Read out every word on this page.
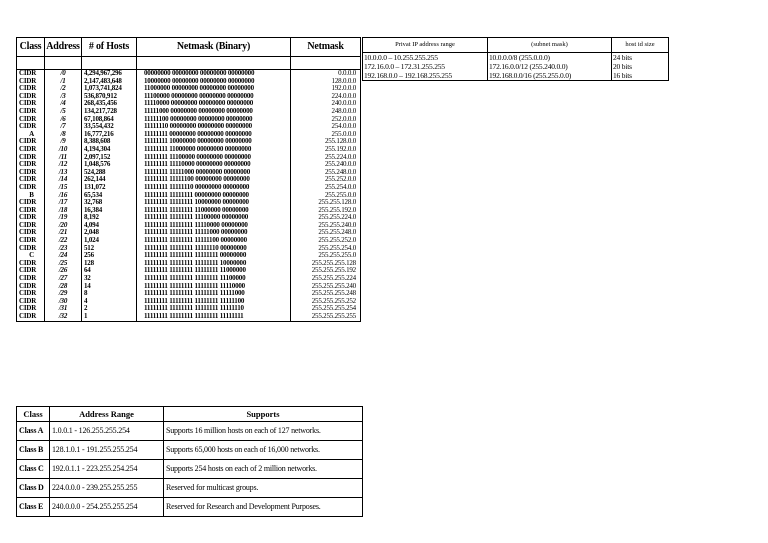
Class	Address	# of Hosts	Netmask (Binary)	Netmask

CIDR	/0	4,294,967,296	00000000 00000000 00000000 00000000	0.0.0.0
CIDR	/1	2,147,483,648	10000000 00000000 00000000 00000000	128.0.0.0
CIDR	/2	1,073,741,824	11000000 00000000 00000000 00000000	192.0.0.0
CIDR	/3	536,870,912	11100000 00000000 00000000 00000000	224.0.0.0
CIDR	/4	268,435,456	11110000 00000000 00000000 00000000	240.0.0.0
CIDR	/5	134,217,728	11111000 00000000 00000000 00000000	248.0.0.0
CIDR	/6	67,108,864	11111100 00000000 00000000 00000000	252.0.0.0
CIDR	/7	33,554,432	11111110 00000000 00000000 00000000	254.0.0.0
A	/8	16,777,216	11111111 00000000 00000000 00000000	255.0.0.0
CIDR	/9	8,388,608	11111111 10000000 00000000 00000000	255.128.0.0
CIDR	/10	4,194,304	11111111 11000000 00000000 00000000	255.192.0.0
CIDR	/11	2,097,152	11111111 11100000 00000000 00000000	255.224.0.0
CIDR	/12	1,048,576	11111111 11110000 00000000 00000000	255.240.0.0
CIDR	/13	524,288	11111111 11111000 00000000 00000000	255.248.0.0
CIDR	/14	262,144	11111111 11111100 00000000 00000000	255.252.0.0
CIDR	/15	131,072	11111111 11111110 00000000 00000000	255.254.0.0
B	/16	65,534	11111111 11111111 00000000 00000000	255.255.0.0
CIDR	/17	32,768	11111111 11111111 10000000 00000000	255.255.128.0
CIDR	/18	16,384	11111111 11111111 11000000 00000000	255.255.192.0
CIDR	/19	8,192	11111111 11111111 11100000 00000000	255.255.224.0
CIDR	/20	4,094	11111111 11111111 11110000 00000000	255.255.240.0
CIDR	/21	2,048	11111111 11111111 11111000 00000000	255.255.248.0
CIDR	/22	1,024	11111111 11111111 11111100 00000000	255.255.252.0
CIDR	/23	512	11111111 11111111 11111110 00000000	255.255.254.0
C	/24	256	11111111 11111111 11111111 00000000	255.255.255.0
CIDR	/25	128	11111111 11111111 11111111 10000000	255.255.255.128
CIDR	/26	64	11111111 11111111 11111111 11000000	255.255.255.192
CIDR	/27	32	11111111 11111111 11111111 11100000	255.255.255.224
CIDR	/28	14	11111111 11111111 11111111 11110000	255.255.255.240
CIDR	/29	8	11111111 11111111 11111111 11111000	255.255.255.248
CIDR	/30	4	11111111 11111111 11111111 11111100	255.255.255.252
CIDR	/31	2	11111111 11111111 11111111 11111110	255.255.255.254
CIDR	/32	1	11111111 11111111 11111111 11111111	255.255.255.255
Class	Address Range	Supports
Class A	1.0.0.1 - 126.255.255.254	Supports 16 million hosts on each of 127 networks.
Class B	128.1.0.1 - 191.255.255.254	Supports 65,000 hosts on each of 16,000 networks.
Class C	192.0.1.1 - 223.255.254.254	Supports 254 hosts on each of 2 million networks.
Class D	224.0.0.0 - 239.255.255.255	Reserved for multicast groups.
Class E	240.0.0.0 - 254.255.255.254	Reserved for Research and Development Purposes.
Privat IP address range	(subnet mask)	host id size
10.0.0.0 – 10.255.255.255	10.0.0.0/8 (255.0.0.0)	24 bits
172.16.0.0 – 172.31.255.255	172.16.0.0/12 (255.240.0.0)	20 bits
192.168.0.0 – 192.168.255.255	192.168.0.0/16 (255.255.0.0)	16 bits
